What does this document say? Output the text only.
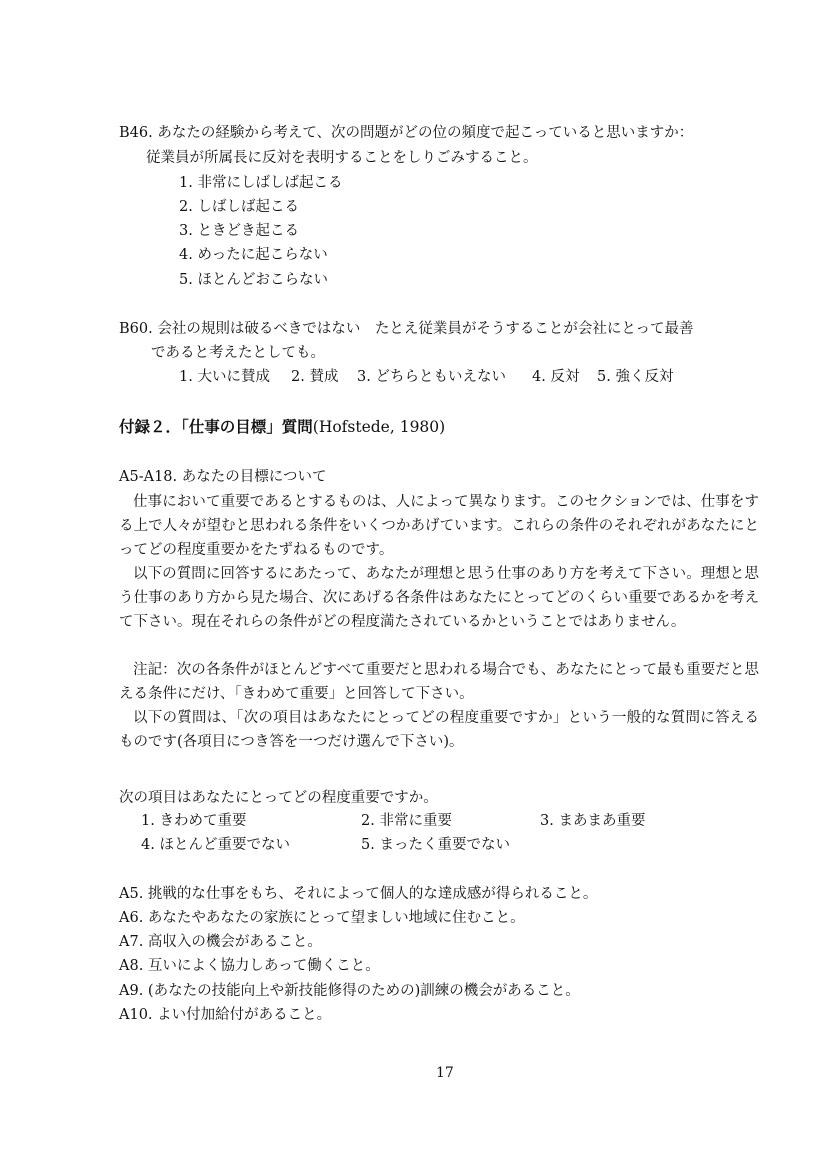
B46. あなたの経験から考えて、次の問題がどの位の頻度で起こっていると思いますか：
従業員が所属長に反対を表明することをしりごみすること。
1. 非常にしばしば起こる
2. しばしば起こる
3. ときどき起こる
4. めったに起こらない
5. ほとんどおこらない
B60. 会社の規則は破るべきではない　たとえ従業員がそうすることが会社にとって最善
であると考えたとしても。
1. 大いに賛成 2. 賛成 3. どちらともいえない 4. 反対 5. 強く反対
付録２．「仕事の目標」質問(Hofstede, 1980)
A5-A18. あなたの目標について
仕事において重要であるとするものは、人によって異なります。このセクションでは、仕事をする上で人々が望むと思われる条件をいくつかあげています。これらの条件のそれぞれがあなたにとってどの程度重要かをたずねるものです。
以下の質問に回答するにあたって、あなたが理想と思う仕事のあり方を考えて下さい。理想と思う仕事のあり方から見た場合、次にあげる各条件はあなたにとってどのくらい重要であるかを考えて下さい。現在それらの条件がどの程度満たされているかということではありません。
注記：次の各条件がほとんどすべて重要だと思われる場合でも、あなたにとって最も重要だと思える条件にだけ、「きわめて重要」と回答して下さい。
以下の質問は、「次の項目はあなたにとってどの程度重要ですか」という一般的な質問に答えるものです(各項目につき答を一つだけ選んで下さい)。
次の項目はあなたにとってどの程度重要ですか。
1. きわめて重要	2. 非常に重要	3. まあまあ重要
4. ほとんど重要でない	5. まったく重要でない
A5. 挑戦的な仕事をもち、それによって個人的な達成感が得られること。
A6. あなたやあなたの家族にとって望ましい地域に住むこと。
A7. 高収入の機会があること。
A8. 互いによく協力しあって働くこと。
A9. (あなたの技能向上や新技能修得のための)訓練の機会があること。
A10. よい付加給付があること。
17
